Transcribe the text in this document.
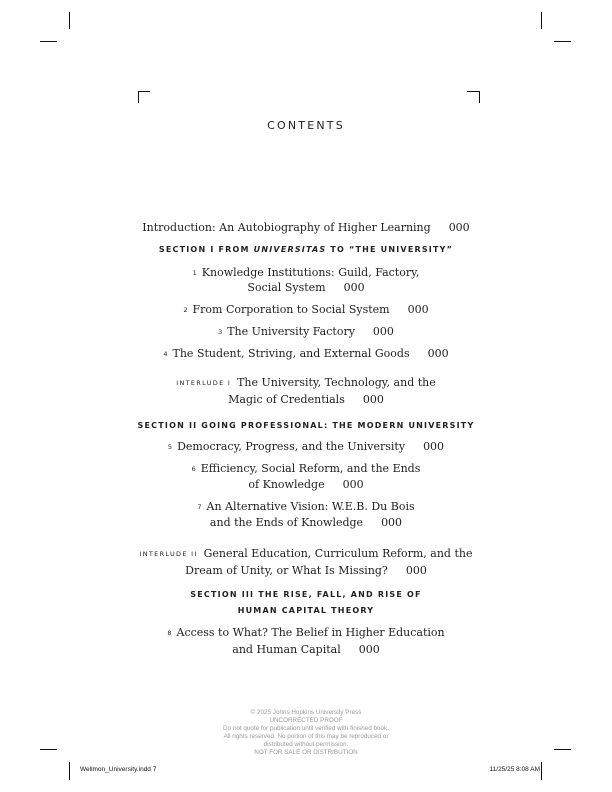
CONTENTS
Introduction: An Autobiography of Higher Learning 000
SECTION I FROM UNIVERSITAS TO “THE UNIVERSITY”
1 Knowledge Institutions: Guild, Factory,
Social System 000
2 From Corporation to Social System 000
3 The University Factory 000
4 The Student, Striving, and External Goods 000
INTERLUDE I The University, Technology, and the
Magic of Credentials 000
SECTION II GOING PROFESSIONAL: THE MODERN UNIVERSITY
5 Democracy, Progress, and the University 000
6 Efficiency, Social Reform, and the Ends
of Knowledge 000
7 An Alternative Vision: W.E.B. Du Bois
and the Ends of Knowledge 000
INTERLUDE II General Education, Curriculum Reform, and the
Dream of Unity, or What Is Missing? 000
SECTION III THE RISE, FALL, AND RISE OF
HUMAN CAPITAL THEORY
8 Access to What? The Belief in Higher Education
and Human Capital 000
© 2025 Johns Hopkins University Press
UNCORRECTED PROOF
Do not quote for publication until verified with finished book.
All rights reserved. No portion of this may be reproduced or
distributed without permission.
NOT FOR SALE OR DISTRIBUTION
Wellmon_University.indd 7	11/25/25 8:08 AM
